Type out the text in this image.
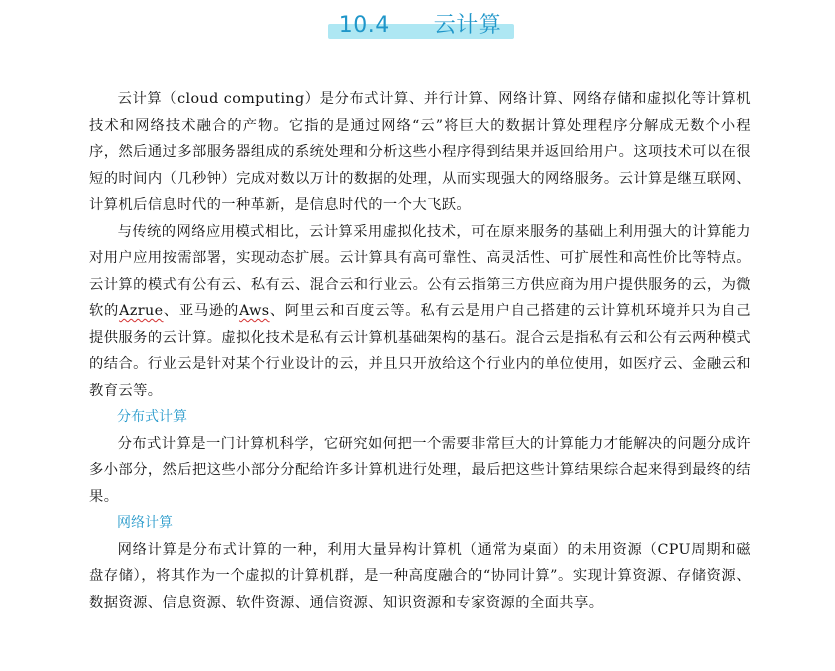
10.4 云计算

云计算（cloud computing）是分布式计算、并行计算、网络计算、网络存储和虚拟化等计算机技术和网络技术融合的产物。它指的是通过网络“云”将巨大的数据计算处理程序分解成无数个小程序，然后通过多部服务器组成的系统处理和分析这些小程序得到结果并返回给用户。这项技术可以在很短的时间内（几秒钟）完成对数以万计的数据的处理，从而实现强大的网络服务。云计算是继互联网、计算机后信息时代的一种革新，是信息时代的一个大飞跃。

与传统的网络应用模式相比，云计算采用虚拟化技术，可在原来服务的基础上利用强大的计算能力对用户应用按需部署，实现动态扩展。云计算具有高可靠性、高灵活性、可扩展性和高性价比等特点。云计算的模式有公有云、私有云、混合云和行业云。公有云指第三方供应商为用户提供服务的云，为微软的Azrue、亚马逊的Aws、阿里云和百度云等。私有云是用户自己搭建的云计算机环境并只为自己提供服务的云计算。虚拟化技术是私有云计算机基础架构的基石。混合云是指私有云和公有云两种模式的结合。行业云是针对某个行业设计的云，并且只开放给这个行业内的单位使用，如医疗云、金融云和教育云等。

分布式计算

分布式计算是一门计算机科学，它研究如何把一个需要非常巨大的计算能力才能解决的问题分成许多小部分，然后把这些小部分分配给许多计算机进行处理，最后把这些计算结果综合起来得到最终的结果。

网络计算

网络计算是分布式计算的一种，利用大量异构计算机（通常为桌面）的未用资源（CPU周期和磁盘存储），将其作为一个虚拟的计算机群，是一种高度融合的“协同计算”。实现计算资源、存储资源、数据资源、信息资源、软件资源、通信资源、知识资源和专家资源的全面共享。
